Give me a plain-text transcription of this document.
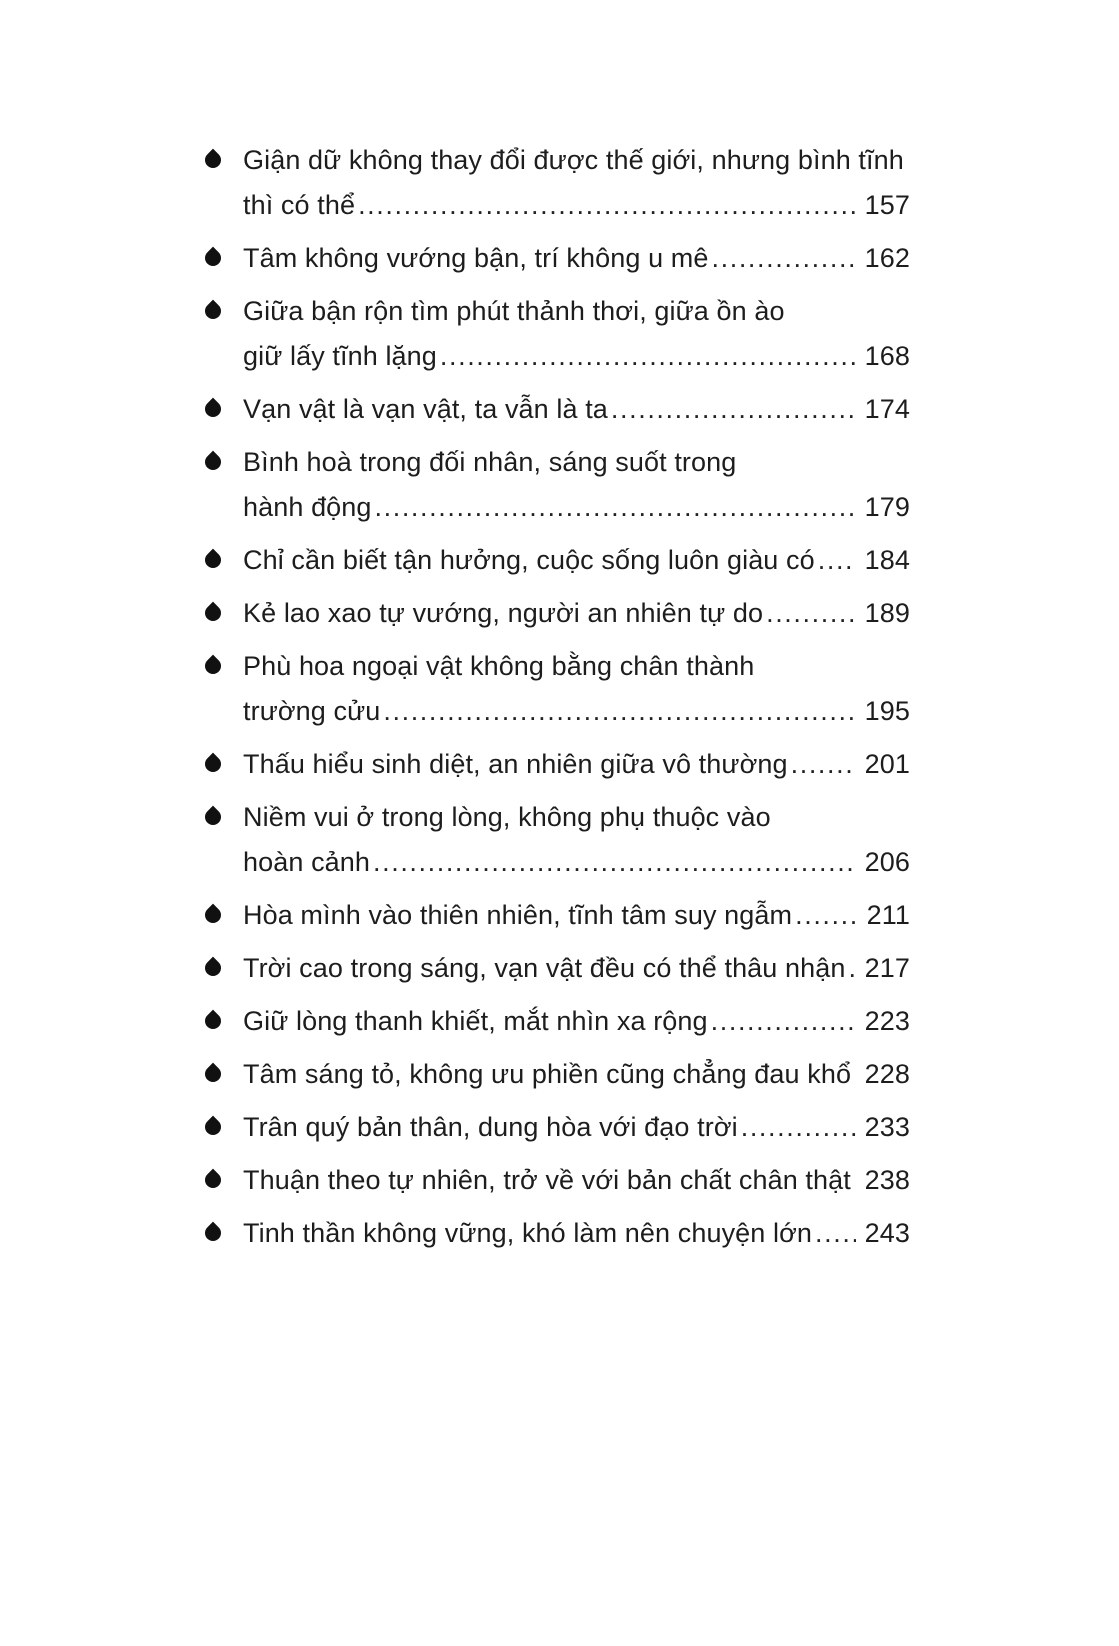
Giận dữ không thay đổi được thế giới, nhưng bình tĩnh
thì có thể .....	157
Tâm không vướng bận, trí không u mê .....	162
Giữa bận rộn tìm phút thảnh thơi, giữa ồn ào
giữ lấy tĩnh lặng .....	168
Vạn vật là vạn vật, ta vẫn là ta .....	174
Bình hoà trong đối nhân, sáng suốt trong
hành động .....	179
Chỉ cần biết tận hưởng, cuộc sống luôn giàu có .....	184
Kẻ lao xao tự vướng, người an nhiên tự do .....	189
Phù hoa ngoại vật không bằng chân thành
trường cửu .....	195
Thấu hiểu sinh diệt, an nhiên giữa vô thường .....	201
Niềm vui ở trong lòng, không phụ thuộc vào
hoàn cảnh .....	206
Hòa mình vào thiên nhiên, tĩnh tâm suy ngẫm .....	211
Trời cao trong sáng, vạn vật đều có thể thâu nhận ..... 217
Giữ lòng thanh khiết, mắt nhìn xa rộng .....	223
Tâm sáng tỏ, không ưu phiền cũng chẳng đau khổ ..... 228
Trân quý bản thân, dung hòa với đạo trời .....	233
Thuận theo tự nhiên, trở về với bản chất chân thật ..... 238
Tinh thần không vững, khó làm nên chuyện lớn .....	243
